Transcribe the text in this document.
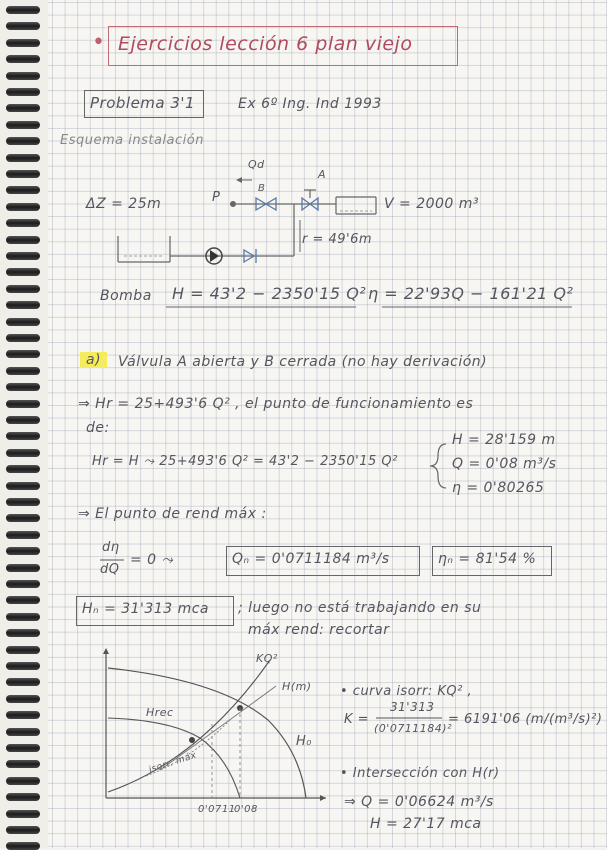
• Ejercicios lección 6 plan viejo
Problema 3'1	Ex 6º Ing. Ind 1993
Esquema instalación
Qd
B
A
P
ΔZ = 25m	V = 2000 m³
r = 49'6m
Bomba H = 43'2 − 2350'15 Q² η = 22'93Q − 161'21 Q²
a)	Válvula A abierta y B cerrada (no hay derivación)
⇒ Hr = 25+493'6 Q² , el punto de funcionamiento es
de:
Hr = H ⤳ 25+493'6 Q² = 43'2 − 2350'15 Q²
H = 28'159 m
Q = 0'08 m³/s
η = 0'80265
⇒ El punto de rend máx :
dη
dQ
= 0 ⤳	Qₙ = 0'0711184 m³/s	ηₙ = 81'54 %
Hₙ = 31'313 mca ; luego no está trabajando en su
máx rend: recortar
KQ²
H(m)
Hrec
H₀
isorr. máx
0'0711
0'08
• curva isorr: KQ² ,
K =
31'313
(0'0711184)²
= 6191'06 (m/(m³/s)²)
• Intersección con H(r)
⇒ Q = 0'06624 m³/s
H = 27'17 mca
